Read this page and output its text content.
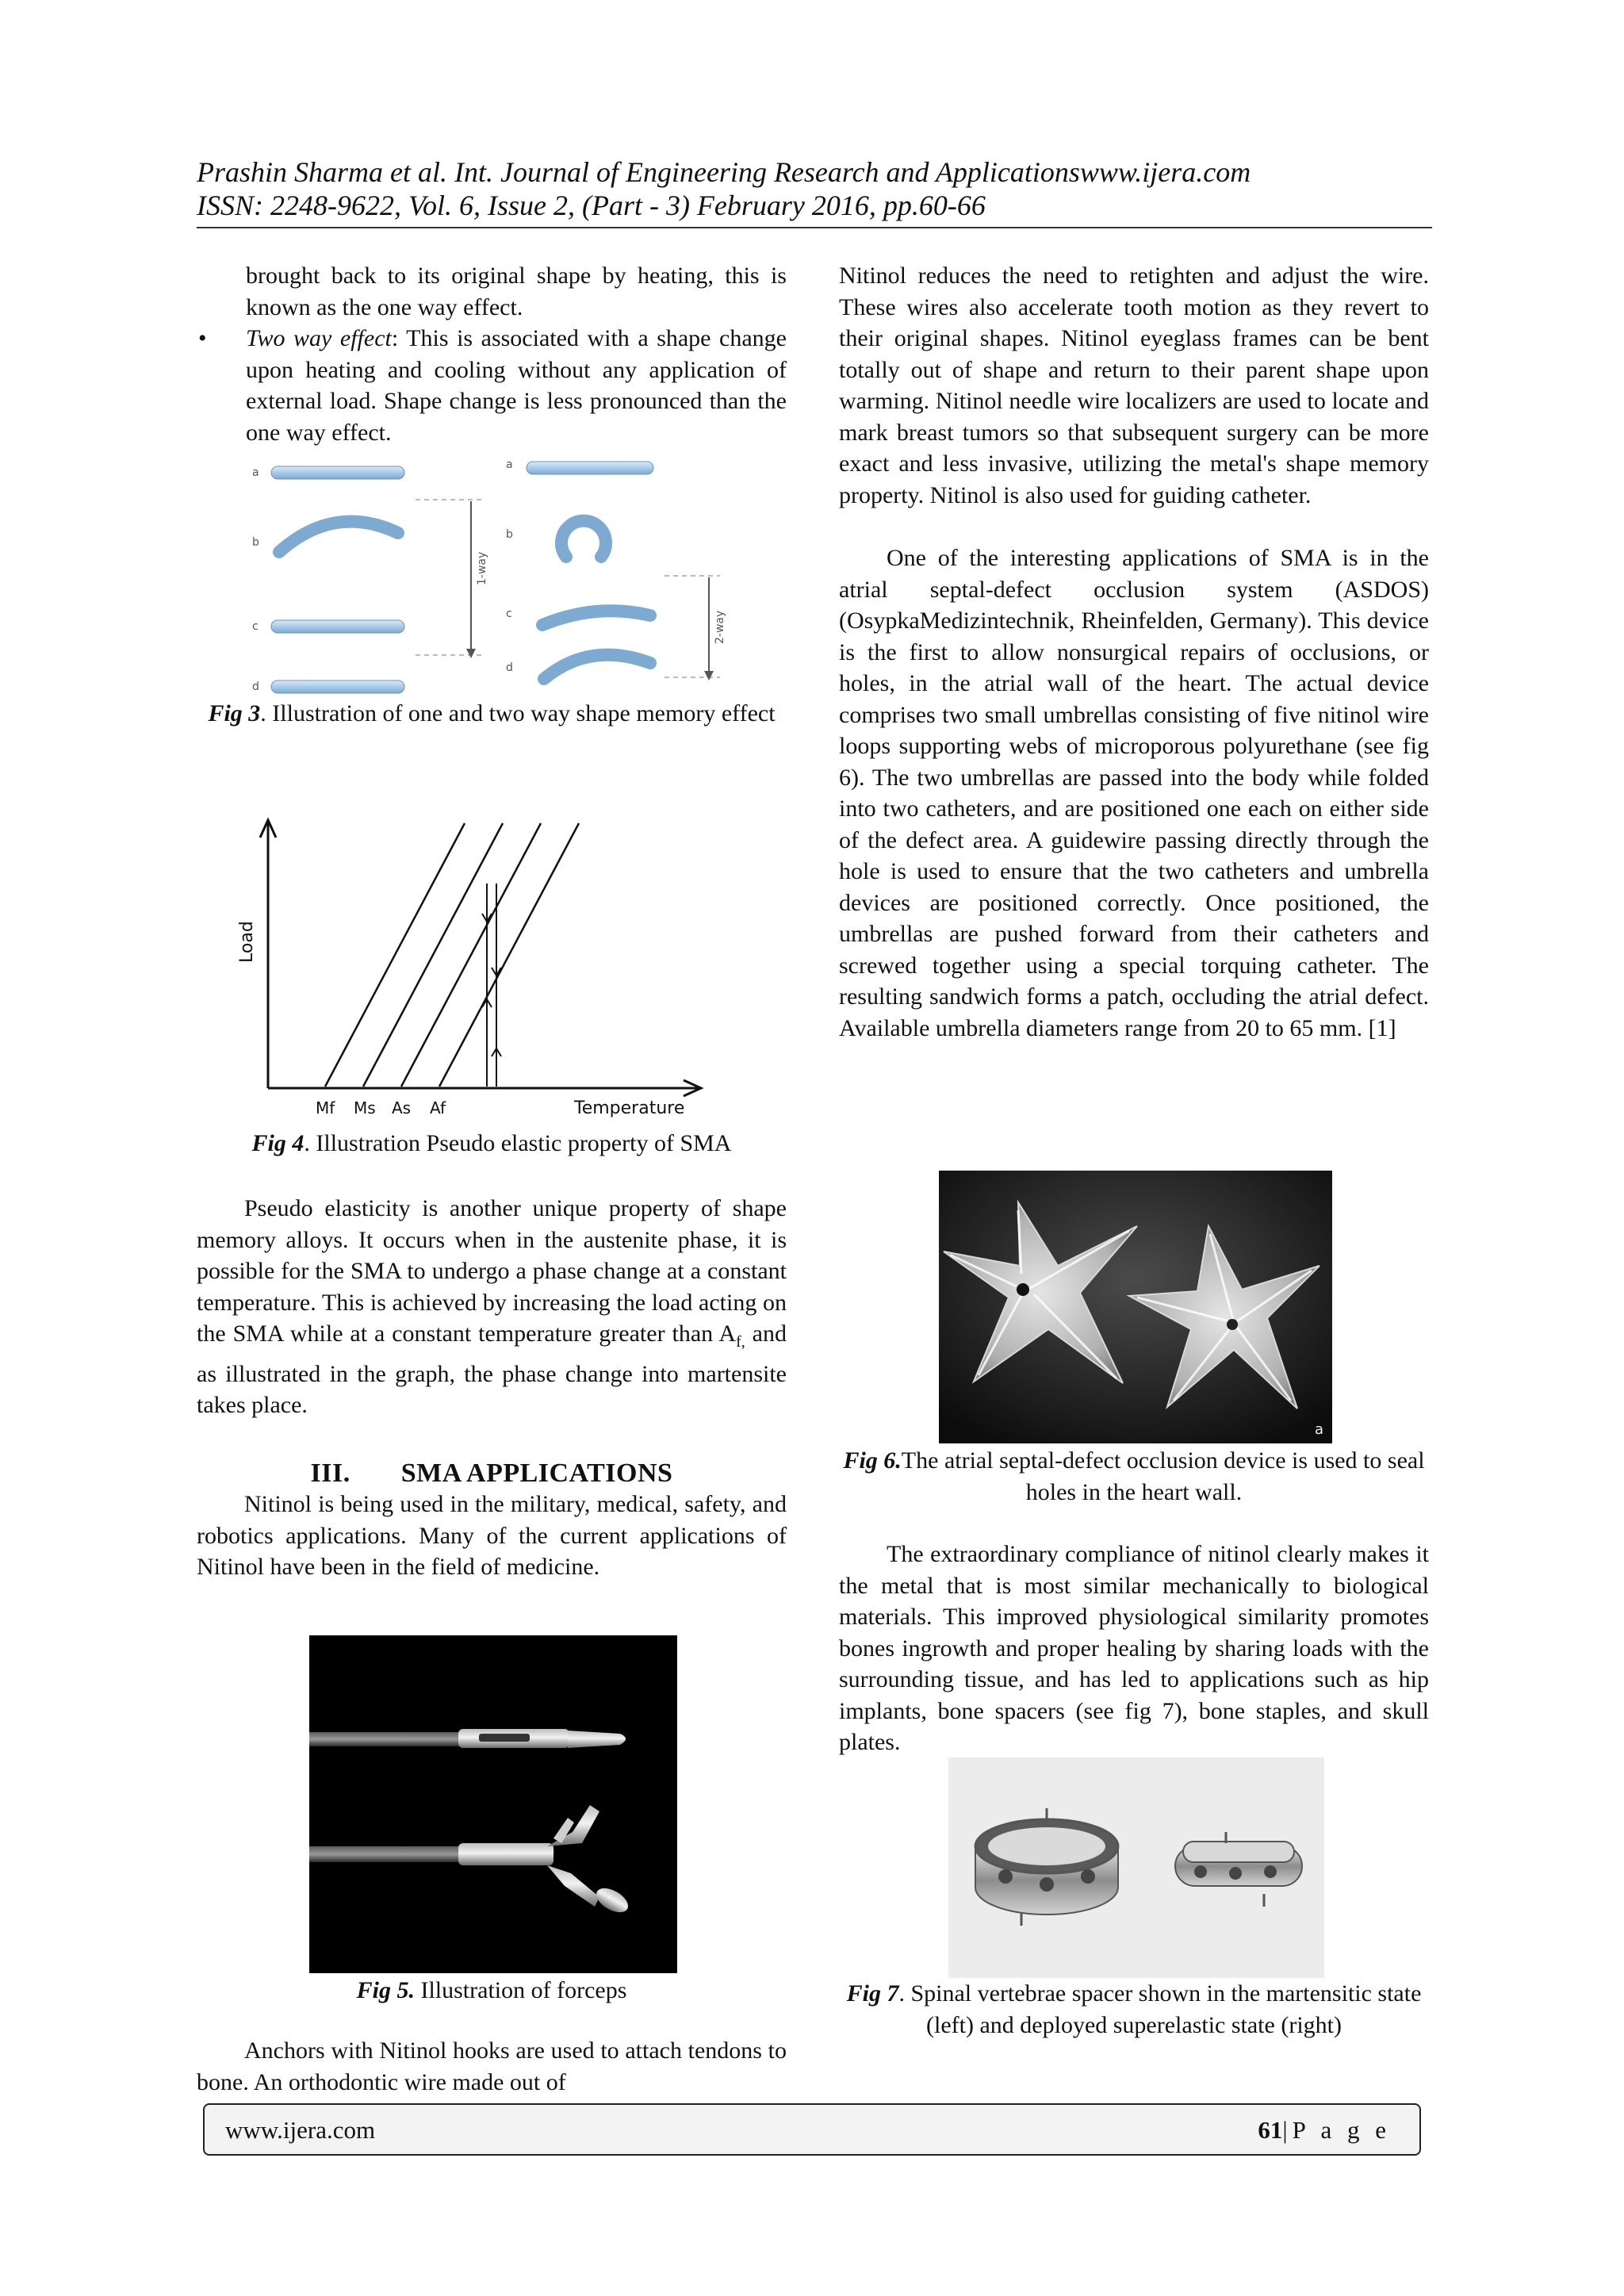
Prashin Sharma et al. Int. Journal of Engineering Research and Applicationswww.ijera.com
ISSN: 2248-9622, Vol. 6, Issue 2, (Part - 3) February 2016, pp.60-66

brought back to its original shape by heating, this is known as the one way effect.

• Two way effect: This is associated with a shape change upon heating and cooling without any application of external load. Shape change is less pronounced than the one way effect.
a
b
c
d
1-way
a
b
c
d
2-way
Fig 3. Illustration of one and two way shape memory effect
Load
Temperature
Mf Ms As Af
Fig 4. Illustration Pseudo elastic property of SMA

Pseudo elasticity is another unique property of shape memory alloys. It occurs when in the austenite phase, it is possible for the SMA to undergo a phase change at a constant temperature. This is achieved by increasing the load acting on the SMA while at a constant temperature greater than $A_{f,}$ and as illustrated in the graph, the phase change into martensite takes place.

III. SMA APPLICATIONS

Nitinol is being used in the military, medical, safety, and robotics applications. Many of the current applications of Nitinol have been in the field of medicine.

Fig 5. Illustration of forceps

Anchors with Nitinol hooks are used to attach tendons to bone. An orthodontic wire made out of

Nitinol reduces the need to retighten and adjust the wire. These wires also accelerate tooth motion as they revert to their original shapes. Nitinol eyeglass frames can be bent totally out of shape and return to their parent shape upon warming. Nitinol needle wire localizers are used to locate and mark breast tumors so that subsequent surgery can be more exact and less invasive, utilizing the metal's shape memory property. Nitinol is also used for guiding catheter.

One of the interesting applications of SMA is in the atrial septal-defect occlusion system (ASDOS) (OsypkaMedizintechnik, Rheinfelden, Germany). This device is the first to allow nonsurgical repairs of occlusions, or holes, in the atrial wall of the heart. The actual device comprises two small umbrellas consisting of five nitinol wire loops supporting webs of microporous polyurethane (see fig 6). The two umbrellas are passed into the body while folded into two catheters, and are positioned one each on either side of the defect area. A guidewire passing directly through the hole is used to ensure that the two catheters and umbrella devices are positioned correctly. Once positioned, the umbrellas are pushed forward from their catheters and screwed together using a special torquing catheter. The resulting sandwich forms a patch, occluding the atrial defect. Available umbrella diameters range from 20 to 65 mm. [1]

a
Fig 6.The atrial septal-defect occlusion device is used to seal holes in the heart wall.

The extraordinary compliance of nitinol clearly makes it the metal that is most similar mechanically to biological materials. This improved physiological similarity promotes bones ingrowth and proper healing by sharing loads with the surrounding tissue, and has led to applications such as hip implants, bone spacers (see fig 7), bone staples, and skull plates.

Fig 7. Spinal vertebrae spacer shown in the martensitic state (left) and deployed superelastic state (right)
www.ijera.com	61|P a g e
